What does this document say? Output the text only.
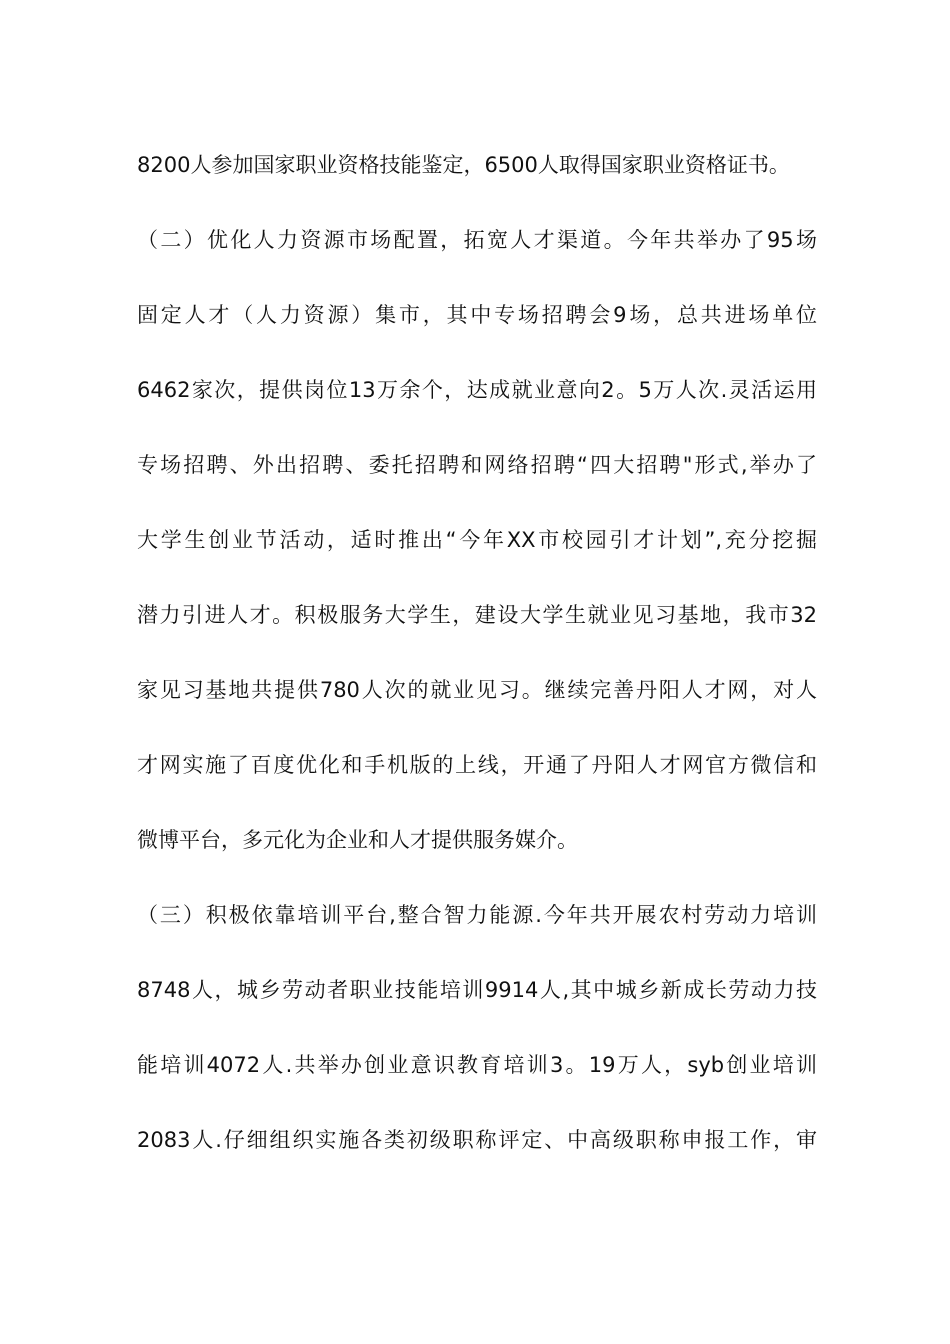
8200人参加国家职业资格技能鉴定，6500人取得国家职业资格证书。
（二）优化人力资源市场配置，拓宽人才渠道。今年共举办了95场
固定人才（人力资源）集市，其中专场招聘会9场，总共进场单位
6462家次，提供岗位13万余个，达成就业意向2。5万人次.灵活运用
专场招聘、外出招聘、委托招聘和网络招聘“四大招聘"形式,举办了
大学生创业节活动，适时推出“今年XX市校园引才计划”,充分挖掘
潜力引进人才。积极服务大学生，建设大学生就业见习基地，我市32
家见习基地共提供780人次的就业见习。继续完善丹阳人才网，对人
才网实施了百度优化和手机版的上线，开通了丹阳人才网官方微信和
微博平台，多元化为企业和人才提供服务媒介。
（三）积极依靠培训平台,整合智力能源.今年共开展农村劳动力培训
8748人，城乡劳动者职业技能培训9914人,其中城乡新成长劳动力技
能培训4072人.共举办创业意识教育培训3。19万人，syb创业培训
2083人.仔细组织实施各类初级职称评定、中高级职称申报工作，审
